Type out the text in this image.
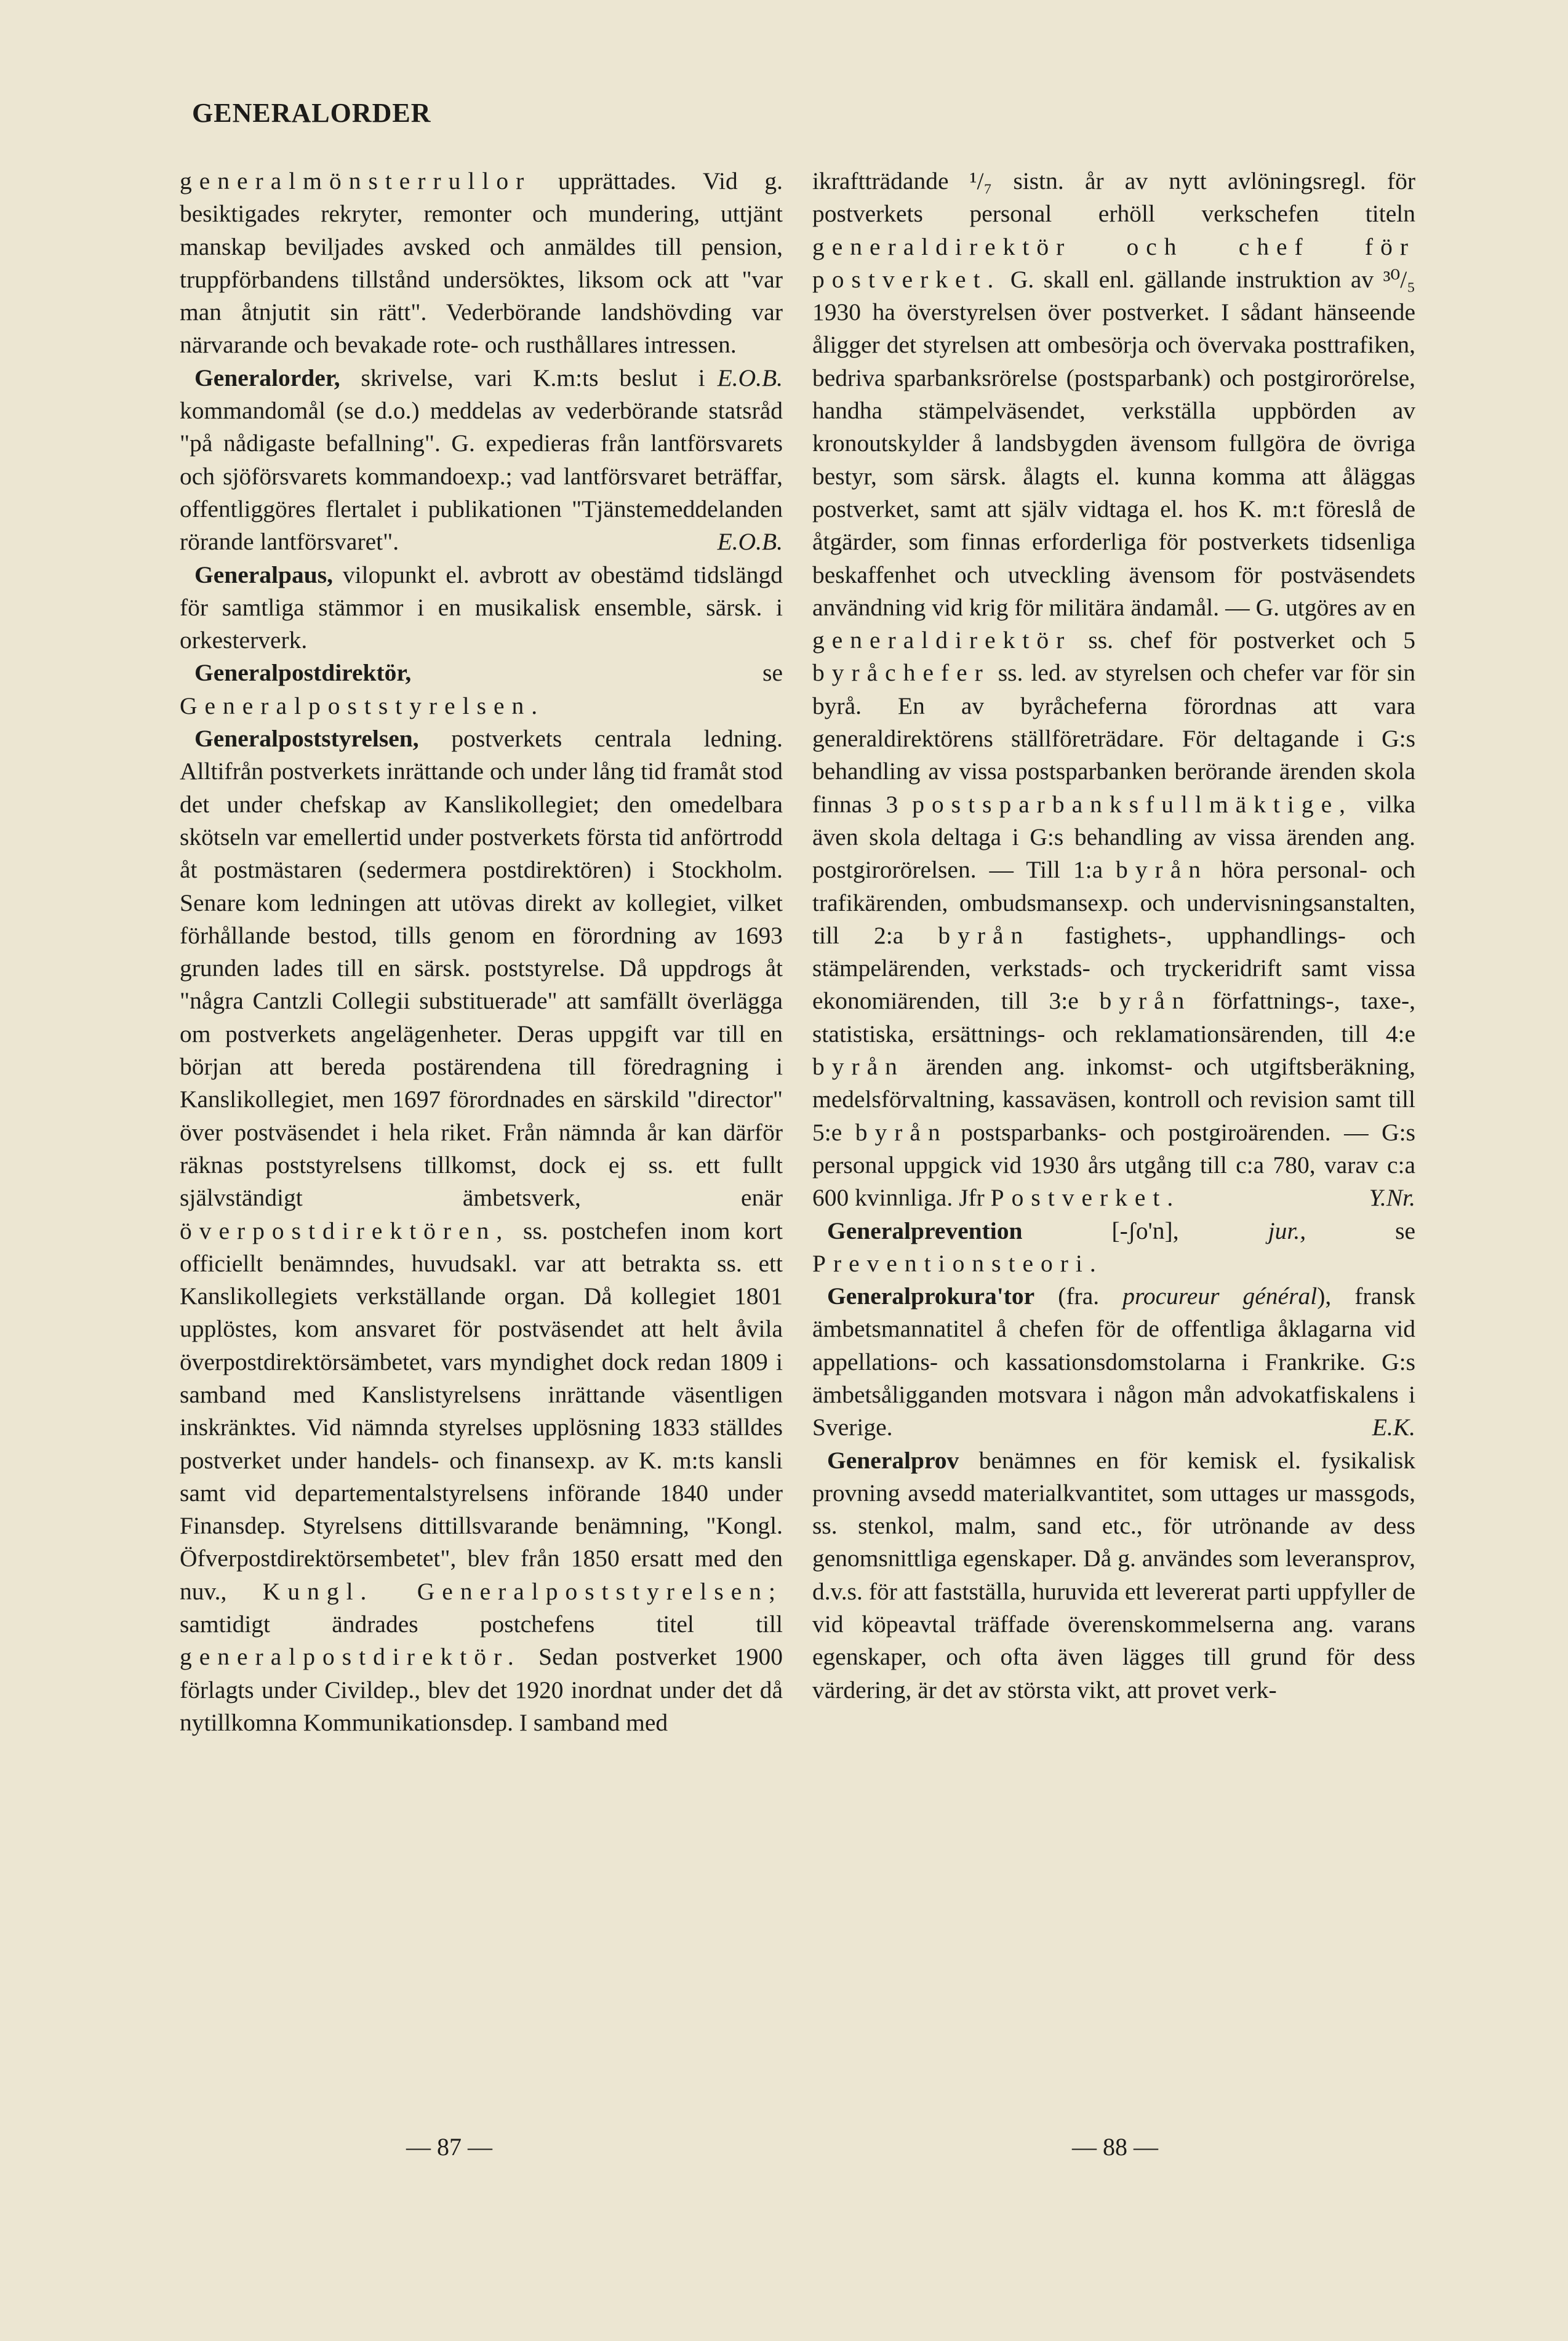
GENERALORDER

generalmönsterrullor upprättades. Vid g. besiktigades rekryter, remonter och mundering, uttjänt manskap beviljades avsked och anmäldes till pension, truppförbandens tillstånd undersöktes, liksom ock att "var man åtnjutit sin rätt". Vederbörande landshövding var närvarande och bevakade rote- och rusthållares intressen.
E.O.B.

Generalorder, skrivelse, vari K.m:ts beslut i kommandomål (se d.o.) meddelas av vederbörande statsråd "på nådigaste befallning". G. expedieras från lantförsvarets och sjöförsvarets kommandoexp.; vad lantförsvaret beträffar, offentliggöres flertalet i publikationen "Tjänstemeddelanden rörande lantförsvaret".	E.O.B.

Generalpaus, vilopunkt el. avbrott av obestämd tidslängd för samtliga stämmor i en musikalisk ensemble, särsk. i orkesterverk.

Generalpostdirektör, se Generalpoststyrelsen.

Generalpoststyrelsen, postverkets centrala ledning. Alltifrån postverkets inrättande och under lång tid framåt stod det under chefskap av Kanslikollegiet; den omedelbara skötseln var emellertid under postverkets första tid anförtrodd åt postmästaren (sedermera postdirektören) i Stockholm. Senare kom ledningen att utövas direkt av kollegiet, vilket förhållande bestod, tills genom en förordning av 1693 grunden lades till en särsk. poststyrelse. Då uppdrogs åt "några Cantzli Collegii substituerade" att samfällt överlägga om postverkets angelägenheter. Deras uppgift var till en början att bereda postärendena till föredragning i Kanslikollegiet, men 1697 förordnades en särskild "director" över postväsendet i hela riket. Från nämnda år kan därför räknas poststyrelsens tillkomst, dock ej ss. ett fullt självständigt ämbetsverk, enär överpostdirektören, ss. postchefen inom kort officiellt benämndes, huvudsakl. var att betrakta ss. ett Kanslikollegiets verkställande organ. Då kollegiet 1801 upplöstes, kom ansvaret för postväsendet att helt åvila överpostdirektörsämbetet, vars myndighet dock redan 1809 i samband med Kanslistyrelsens inrättande väsentligen inskränktes. Vid nämnda styrelses upplösning 1833 ställdes postverket under handels- och finansexp. av K. m:ts kansli samt vid departementalstyrelsens införande 1840 under Finansdep. Styrelsens dittillsvarande benämning, "Kongl. Öfverpostdirektörsembetet", blev från 1850 ersatt med den nuv., Kungl. Generalpoststyrelsen; samtidigt ändrades postchefens titel till generalpostdirektör. Sedan postverket 1900 förlagts under Civildep., blev det 1920 inordnat under det då nytillkomna Kommunikationsdep. I samband med

ikraftträdande ¹/₇ sistn. år av nytt avlöningsregl. för postverkets personal erhöll verkschefen titeln generaldirektör och chef för postverket. G. skall enl. gällande instruktion av ³⁰/₅ 1930 ha överstyrelsen över postverket. I sådant hänseende åligger det styrelsen att ombesörja och övervaka posttrafiken, bedriva sparbanksrörelse (postsparbank) och postgirorörelse, handha stämpelväsendet, verkställa uppbörden av kronoutskylder å landsbygden ävensom fullgöra de övriga bestyr, som särsk. ålagts el. kunna komma att åläggas postverket, samt att själv vidtaga el. hos K. m:t föreslå de åtgärder, som finnas erforderliga för postverkets tidsenliga beskaffenhet och utveckling ävensom för postväsendets användning vid krig för militära ändamål. — G. utgöres av en generaldirektör ss. chef för postverket och 5 byråchefer ss. led. av styrelsen och chefer var för sin byrå. En av byråcheferna förordnas att vara generaldirektörens ställföreträdare. För deltagande i G:s behandling av vissa postsparbanken berörande ärenden skola finnas 3 postsparbanksfullmäktige, vilka även skola deltaga i G:s behandling av vissa ärenden ang. postgirorörelsen. — Till 1:a byrån höra personal- och trafikärenden, ombudsmansexp. och undervisningsanstalten, till 2:a byrån fastighets-, upphandlings- och stämpelärenden, verkstads- och tryckeridrift samt vissa ekonomiärenden, till 3:e byrån författnings-, taxe-, statistiska, ersättnings- och reklamationsärenden, till 4:e byrån ärenden ang. inkomst- och utgiftsberäkning, medelsförvaltning, kassaväsen, kontroll och revision samt till 5:e byrån postsparbanks- och postgiroärenden. — G:s personal uppgick vid 1930 års utgång till c:a 780, varav c:a 600 kvinnliga. Jfr Postverket.	Y.Nr.

Generalprevention [-ʃo'n], jur., se Preventionsteori.

Generalprokura'tor (fra. procureur général), fransk ämbetsmannatitel å chefen för de offentliga åklagarna vid appellations- och kassationsdomstolarna i Frankrike. G:s ämbetsåligganden motsvara i någon mån advokatfiskalens i Sverige.	E.K.

Generalprov benämnes en för kemisk el. fysikalisk provning avsedd materialkvantitet, som uttages ur massgods, ss. stenkol, malm, sand etc., för utrönande av dess genomsnittliga egenskaper. Då g. användes som leveransprov, d.v.s. för att fastställa, huruvida ett levererat parti uppfyller de vid köpeavtal träffade överenskommelserna ang. varans egenskaper, och ofta även lägges till grund för dess värdering, är det av största vikt, att provet verk-

— 87 —	— 88 —
